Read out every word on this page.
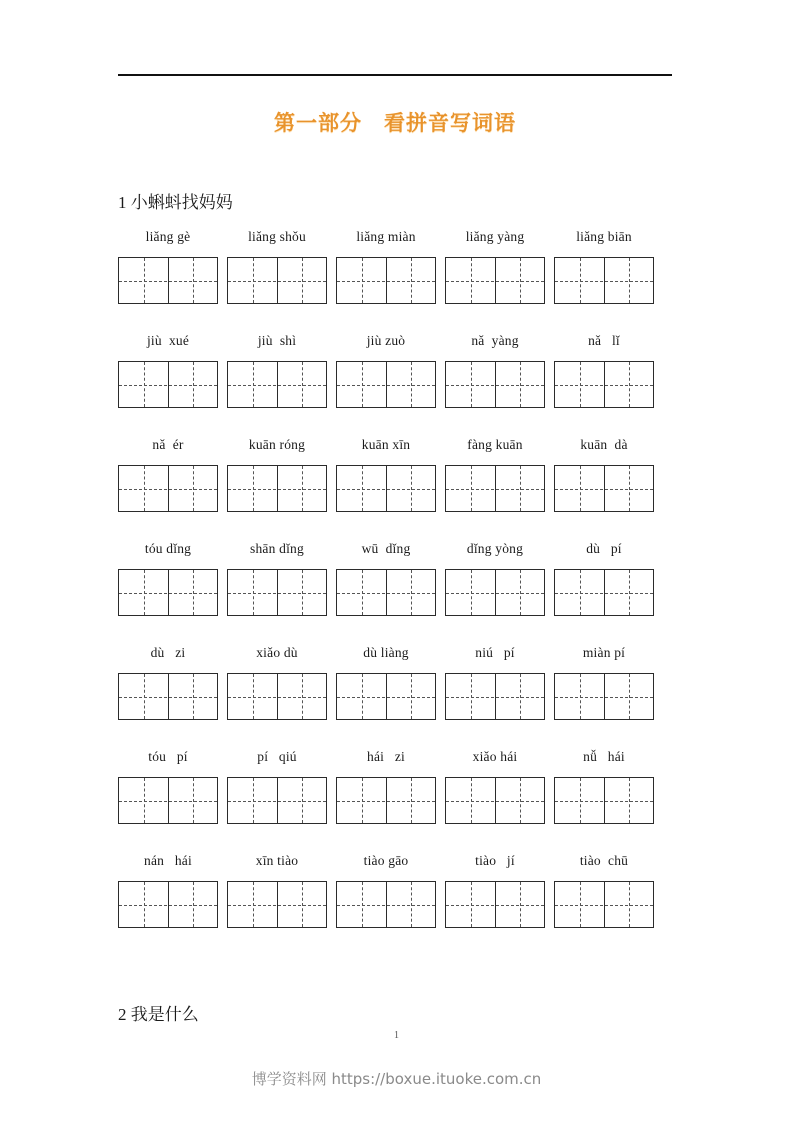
第一部分　看拼音写词语
1 小蝌蚪找妈妈
liǎng gè	liǎng shǒu	liǎng miàn	liǎng yàng	liǎng biān
jiù  xué	jiù  shì	jiù zuò	nǎ  yàng	nǎ   lǐ
nǎ  ér	kuān róng	kuān xīn	fàng kuān	kuān  dà
tóu dǐng	shān dǐng	wū  dǐng	dǐng yòng	dù   pí
dù   zi	xiǎo dù	dù liàng	niú   pí	miàn pí
tóu   pí	pí   qiú	hái   zi	xiǎo hái	nǚ   hái
nán   hái	xīn tiào	tiào gāo	tiào   jí	tiào  chū
2 我是什么
1
博学资料网 https://boxue.ituoke.com.cn
